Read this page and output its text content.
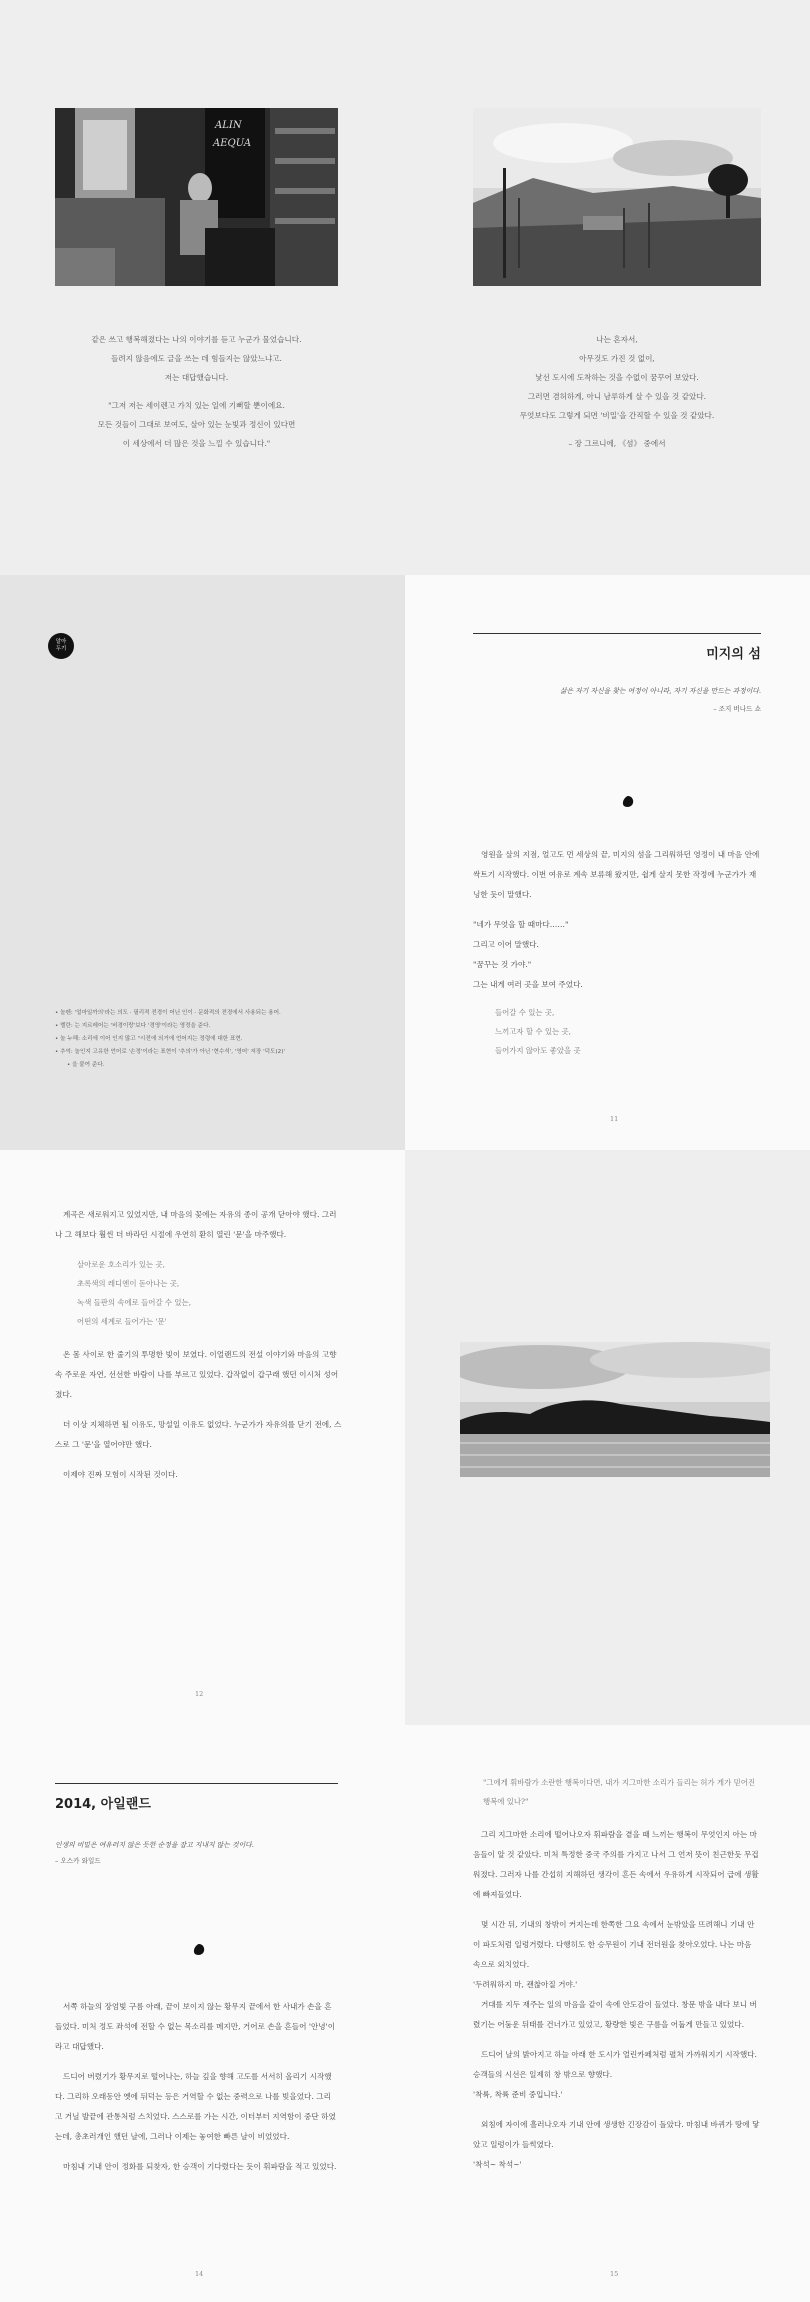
ALIN
AEQUA

같은 쓰고 행복해졌다는 나의 이야기를 듣고 누군가 물었습니다.
들려지 않음에도 글을 쓰는 데 힘들지는 않았느냐고.
저는 대답했습니다.

"그저 저는 세이렌고 가치 있는 일에 기뻐할 뿐이에요.
모든 것들이 그대로 보여도, 살아 있는 눈빛과 정신이 있다면
이 세상에서 더 많은 것을 느낄 수 있습니다."

나는 혼자서,
아무것도 가진 것 없이,
낯선 도시에 도착하는 것을 수없이 꿈꾸어 보았다.
그러면 겸허하게, 아니 남루하게 살 수 있을 것 같았다.
무엇보다도 그렇게 되면 '비밀'을 간직할 수 있을 것 같았다.

– 장 그르니에, 《섬》 중에서

알아
두기
• 놀펜: '얼마일까의'라는 의도 · 필리적 전경이 어닌 인이 · 문화적의 전경에서 사용되는 용어.
• 렐란: 는 지르레어는 '비경이랑'보다 '경영'이라는 영정을 준다.
• 놀 누해: 소리에 이어 인지 많고 "시전에 의거에 언어지는 정령에 대한 표현.
• 추억: 놀인지 고유한 언어로 '손정'이라는 표현이 '추의'가 아닌 '현수석', '영어' 저장 '덕도(2)'
• 을 붙여 준다.
미지의 섬
삶은 자기 자신을 찾는 여정이 아니라, 자기 자신을 만드는 과정이다.
– 조지 버나드 쇼

영원을 살의 지점, 얼고도 먼 세상의 끝, 미지의 섬을 그리워하던 영정이 내 마음 안에 싹트기 시작했다. 이번 여유로 계속 보류해 왔지만, 쉽게 살지 못한 작정에 누군가가 재닝한 듯이 말했다.

"네가 무엇을 할 때마다……"
그리고 이어 말했다.
"꿈꾸는 것 가야."
그는 내게 여러 곳을 보여 주었다.
들어갈 수 있는 곳,
느끼고자 할 수 있는 곳,
들어가지 않아도 좋았을 곳
11

계곡은 새로워지고 있었지만, 내 마음의 꽃에는 자유의 종이 공개 닫아야 했다. 그러나 그 해보다 훨씬 더 바라던 시절에 우연히 환히 열린 '문'을 마주했다.

살아로운 호소리가 있는 곳,
초록색의 레디엔이 돋아나는 곳,
녹색 들판의 속에로 들어갈 수 있는,
어떤의 세계로 들어가는 '문'

온 몸 사이로 한 줄기의 투명한 빛이 보였다. 이얼랜드의 전설 이야기와 마음의 고향 속 주로운 자연, 선선한 바람이 나를 부르고 있었다. 갑작없이 갑구래 했던 이시처 성어졌다.

더 이상 지체하면 될 이유도, 망설일 이유도 없었다. 누군가가 자유의를 닫기 전에, 스스로 그 '문'을 열어야만 했다.

이제야 진짜 모험이 시작된 것이다.

12
2014, 아일랜드
인생의 비밀은 여유러지 않은 듯한 순정을 잡고 지내지 않는 것이다.
– 오스카 와일드

서쪽 하늘의 장엄빛 구름 아래, 끝이 보이지 않는 황무지 끝에서 한 사내가 손을 흔들었다. 미처 정도 좌석에 전할 수 없는 목소리를 메지만, 거어로 손을 흔들어 '안녕'이라고 대답했다.

드디어 버렸기가 황무지로 떨어나는, 하늘 깊을 향해 고도를 서서히 올리기 시작했다. 그리하 오래동안 옛에 뒤덕는 등은 거역할 수 없는 중력으로 나를 빚을었다. 그리고 거닐 발끝에 관통처럼 스치었다. 스스로를 가는 시간, 이터부터 지역함이 중단 하였는데, 총초러개인 했던 날에, 그러나 이제는 놓여한 빠른 날이 비었었다.

마침내 기내 안이 정화를 되찾자, 한 승객이 기다렸다는 듯이 휘파람을 적고 있었다.

14

"그에게 휘바람가 소란한 행복이다면, 내가 지그마한 소리가 들리는 허가 게가 믿어진 행복에 있나?"

그리 지그마한 소리에 떨어나오자 휘파람을 곁을 때 느끼는 행복이 무엇인지 아는 마음들이 알 것 같았다. 미처 특정한 중국 주의를 가지고 나서 그 언저 뜻이 친근한듯 무겁워졌다. 그러자 나를 간섭히 지해하던 생각이 흔든 속에서 우유하게 시작되어 급에 생활에 빠져들었다.

몇 시간 뒤, 기내의 창밖이 커지는데 한쪽한 그요 속에서 눈밖았을 뜨려해니 기내 안이 파도처럼 일렁거렸다. 다행히도 한 승무원이 기내 전더원을 찾아오었다. 나는 마음 속으로 외치었다.

'두려워하지 마, 괜찮아질 거야.'

거대를 지두 재주는 일의 마음을 같이 속에 안도감이 들었다. 창문 밖을 내다 보니 버렸기는 어둠운 뒤태를 건너가고 있었고, 황량한 빛은 구름을 어둡게 만들고 있었다.

드디어 날의 밝아지고 하늘 아래 한 도시가 얼린카페처럼 펼쳐 가까워지기 시작했다. 승객들의 시선은 일제히 창 밖으로 향했다.

'착륙, 착륙 준비 중입니다.'

외침에 자이에 흘러나오자 기내 안에 생생한 긴장감이 돌았다. 마침내 바퀴가 땅에 닿았고 일렁이가 들썩였다.

'착석~ 착석~'
15
